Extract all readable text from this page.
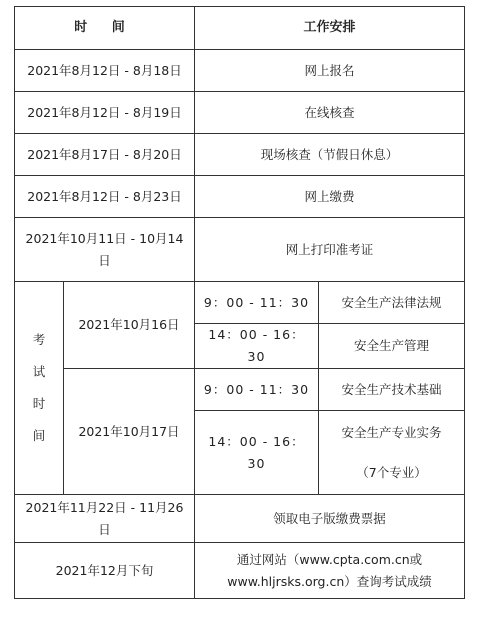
时 间		工作安排	
2021年8月12日 - 8月18日		网上报名	
2021年8月12日 - 8月19日		在线核查	
2021年8月17日 - 8月20日		现场核查（节假日休息）	
2021年8月12日 - 8月23日		网上缴费	
2021年10月11日 - 10月14日		网上打印准考证	

考
试
时
间	2021年10月16日	9：00 - 11：30	安全生产法律法规
		14：00 - 16：30	安全生产管理
	2021年10月17日	9：00 - 11：30	安全生产技术基础
		14：00 - 16：30	安全生产专业实务
（7个专业）

2021年11月22日 - 11月26日		领取电子版缴费票据	
2021年12月下旬		通过网站（www.cpta.com.cn或
www.hljrsks.org.cn）查询考试成绩	
